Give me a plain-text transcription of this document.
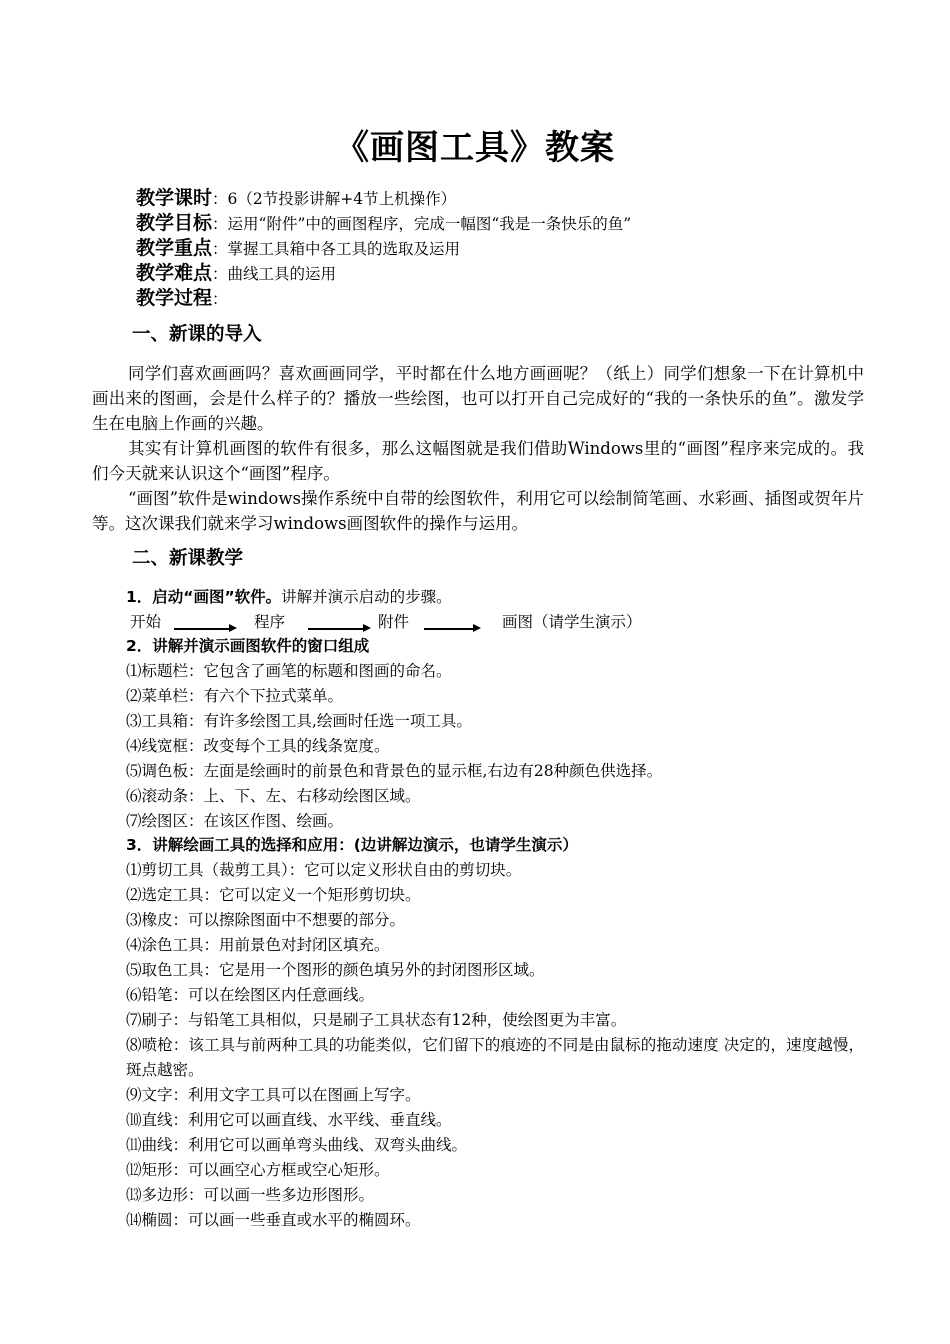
《画图工具》教案
教学课时：6（2节投影讲解+4节上机操作）
教学目标：运用“附件”中的画图程序，完成一幅图“我是一条快乐的鱼”
教学重点：掌握工具箱中各工具的选取及运用
教学难点：曲线工具的运用
教学过程：
一、新课的导入

同学们喜欢画画吗？喜欢画画同学，平时都在什么地方画画呢？（纸上）同学们想象一下在计算机中画出来的图画，会是什么样子的？播放一些绘图，也可以打开自己完成好的“我的一条快乐的鱼”。激发学生在电脑上作画的兴趣。

其实有计算机画图的软件有很多，那么这幅图就是我们借助Windows里的“画图”程序来完成的。我们今天就来认识这个“画图”程序。

“画图”软件是windows操作系统中自带的绘图软件，利用它可以绘制简笔画、水彩画、插图或贺年片等。这次课我们就来学习windows画图软件的操作与运用。

二、新课教学
1．启动“画图”软件。讲解并演示启动的步骤。
开始	程序	附件	画图（请学生演示）
2．讲解并演示画图软件的窗口组成
⑴标题栏：它包含了画笔的标题和图画的命名。
⑵菜单栏：有六个下拉式菜单。
⑶工具箱：有许多绘图工具,绘画时任选一项工具。
⑷线宽框：改变每个工具的线条宽度。
⑸调色板：左面是绘画时的前景色和背景色的显示框,右边有28种颜色供选择。
⑹滚动条：上、下、左、右移动绘图区域。
⑺绘图区：在该区作图、绘画。
3．讲解绘画工具的选择和应用：(边讲解边演示，也请学生演示）
⑴剪切工具（裁剪工具）：它可以定义形状自由的剪切块。
⑵选定工具：它可以定义一个矩形剪切块。
⑶橡皮：可以擦除图面中不想要的部分。
⑷涂色工具：用前景色对封闭区填充。
⑸取色工具：它是用一个图形的颜色填另外的封闭图形区域。
⑹铅笔：可以在绘图区内任意画线。
⑺刷子：与铅笔工具相似，只是刷子工具状态有12种，使绘图更为丰富。
⑻喷枪：该工具与前两种工具的功能类似，它们留下的痕迹的不同是由鼠标的拖动速度 决定的，速度越慢，斑点越密。
⑼文字：利用文字工具可以在图画上写字。
⑽直线：利用它可以画直线、水平线、垂直线。
⑾曲线：利用它可以画单弯头曲线、双弯头曲线。
⑿矩形：可以画空心方框或空心矩形。
⒀多边形：可以画一些多边形图形。
⒁椭圆：可以画一些垂直或水平的椭圆环。
